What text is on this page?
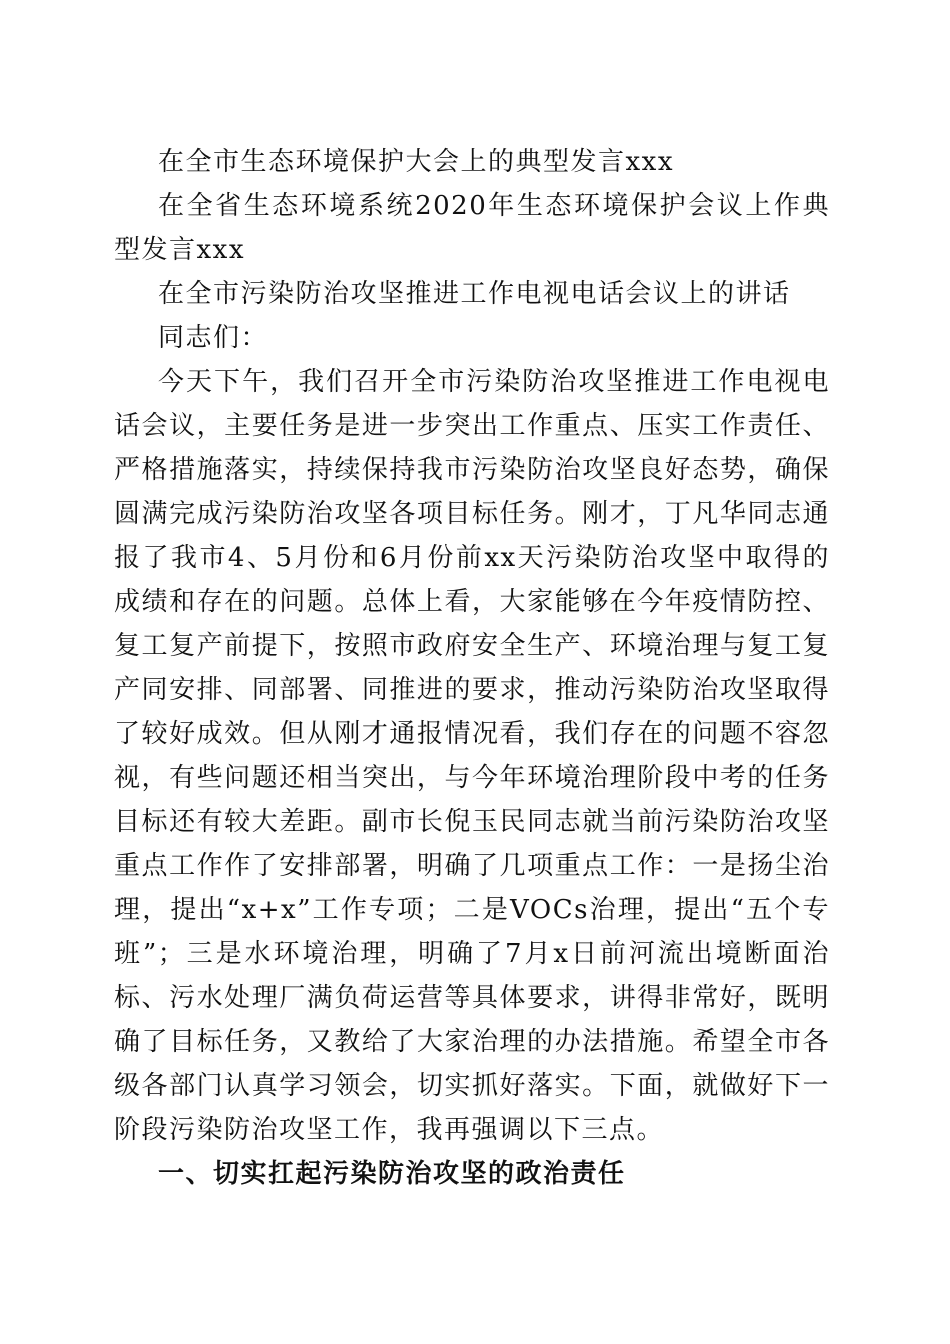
在全市生态环境保护大会上的典型发言xxx

在全省生态环境系统2020年生态环境保护会议上作典型发言xxx

在全市污染防治攻坚推进工作电视电话会议上的讲话

同志们：

今天下午，我们召开全市污染防治攻坚推进工作电视电话会议，主要任务是进一步突出工作重点、压实工作责任、严格措施落实，持续保持我市污染防治攻坚良好态势，确保圆满完成污染防治攻坚各项目标任务。刚才，丁凡华同志通报了我市4、5月份和6月份前xx天污染防治攻坚中取得的成绩和存在的问题。总体上看，大家能够在今年疫情防控、复工复产前提下，按照市政府安全生产、环境治理与复工复产同安排、同部署、同推进的要求，推动污染防治攻坚取得了较好成效。但从刚才通报情况看，我们存在的问题不容忽视，有些问题还相当突出，与今年环境治理阶段中考的任务目标还有较大差距。副市长倪玉民同志就当前污染防治攻坚重点工作作了安排部署，明确了几项重点工作：一是扬尘治理，提出“x+x”工作专项；二是VOCs治理，提出“五个专班”；三是水环境治理，明确了7月x日前河流出境断面治标、污水处理厂满负荷运营等具体要求，讲得非常好，既明确了目标任务，又教给了大家治理的办法措施。希望全市各级各部门认真学习领会，切实抓好落实。下面，就做好下一阶段污染防治攻坚工作，我再强调以下三点。

一、切实扛起污染防治攻坚的政治责任
